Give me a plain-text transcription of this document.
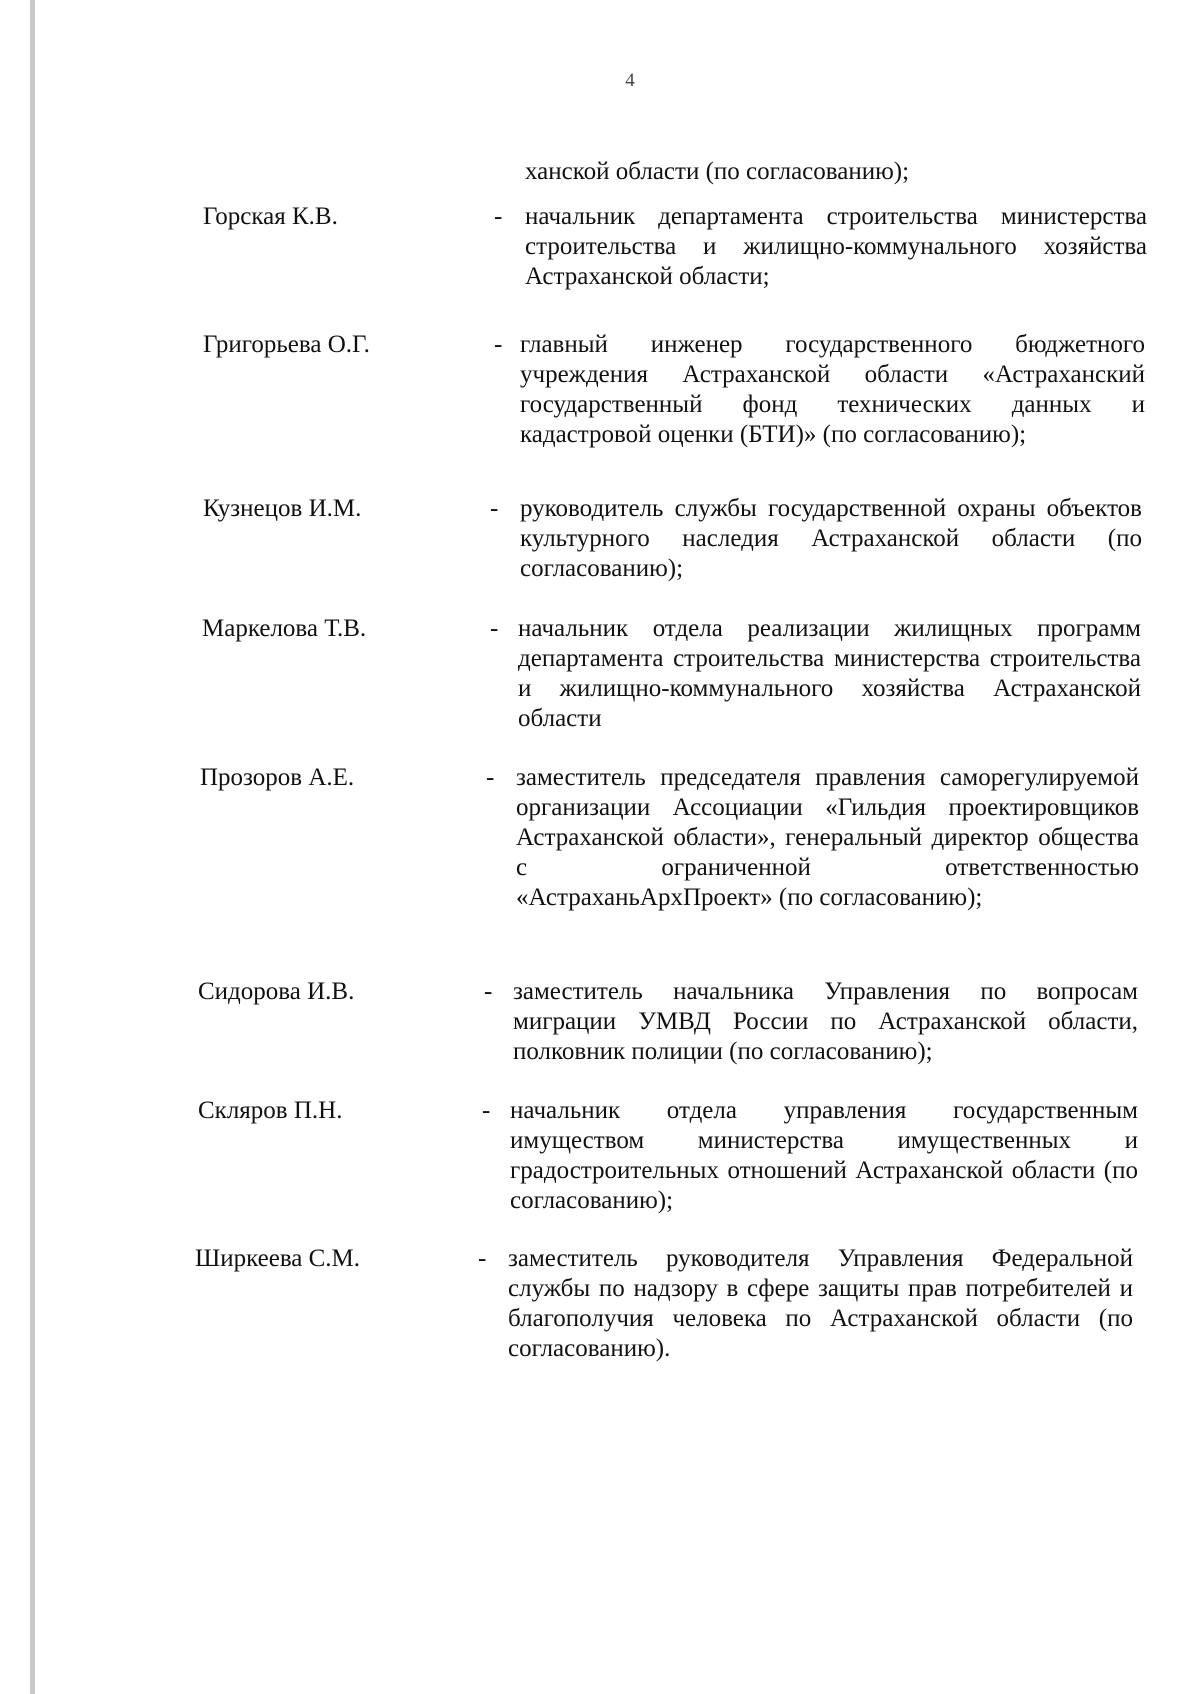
4
ханской области (по согласованию);
Горская К.В.	- начальник департамента строительства министерства строительства и жилищно-коммунального хозяйства Астраханской области;
Григорьева О.Г.	- главный инженер государственного бюджетного учреждения Астраханской области «Астраханский государственный фонд технических данных и кадастровой оценки (БТИ)» (по согласованию);
Кузнецов И.М.	- руководитель службы государственной охраны объектов культурного наследия Астраханской области (по согласованию);
Маркелова Т.В.	- начальник отдела реализации жилищных программ департамента строительства министерства строительства и жилищно-коммунального хозяйства Астраханской области
Прозоров А.Е.	- заместитель председателя правления саморегулируемой организации Ассоциации «Гильдия проектировщиков Астраханской области», генеральный директор общества с ограниченной ответственностью «АстраханьАрхПроект» (по согласованию);
Сидорова И.В.	- заместитель начальника Управления по вопросам миграции УМВД России по Астраханской области, полковник полиции (по согласованию);
Скляров П.Н.	- начальник отдела управления государственным имуществом министерства имущественных и градостроительных отношений Астраханской области (по согласованию);
Ширкеева С.М.	- заместитель руководителя Управления Федеральной службы по надзору в сфере защиты прав потребителей и благополучия человека по Астраханской области (по согласованию).
